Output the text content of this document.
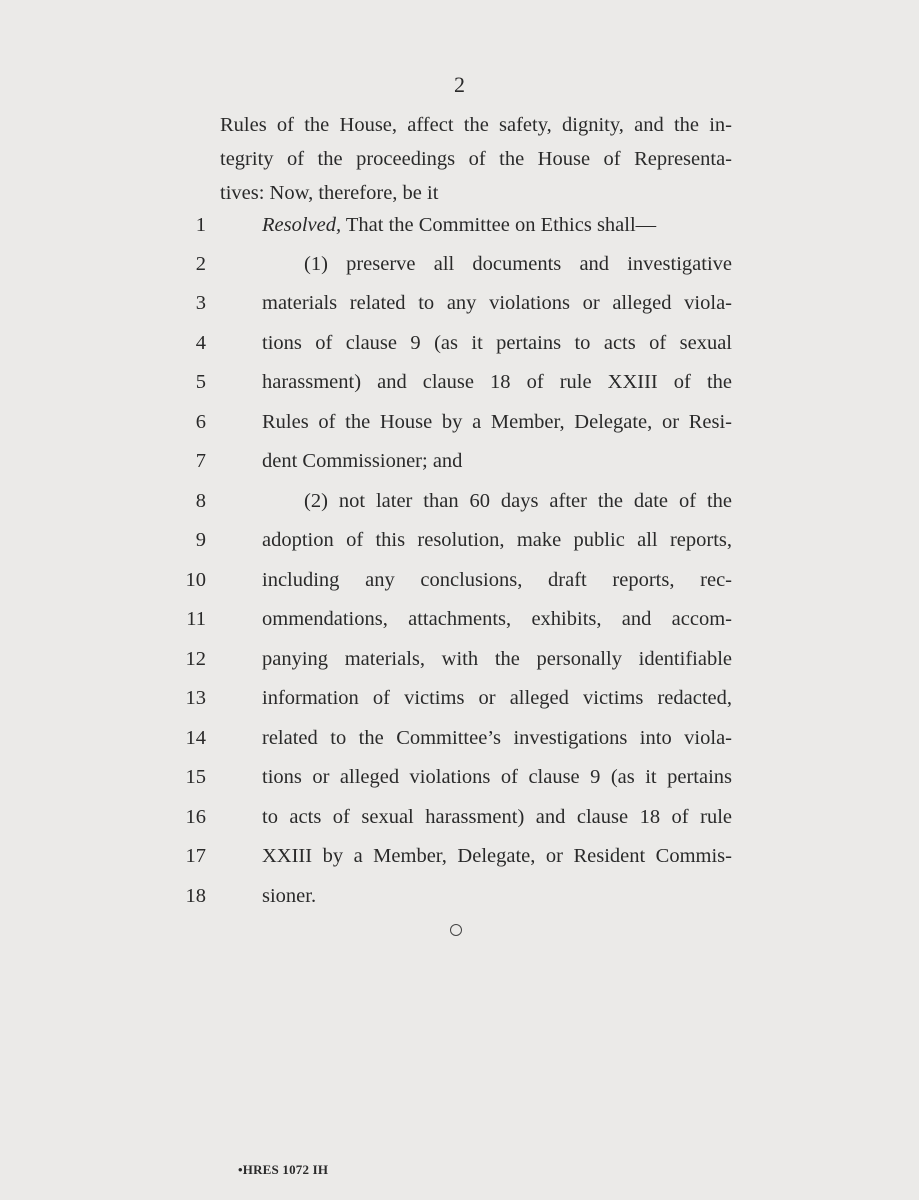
2
Rules of the House, affect the safety, dignity, and the in-
tegrity of the proceedings of the House of Representa-
tives: Now, therefore, be it
1	Resolved, That the Committee on Ethics shall—
2	(1) preserve all documents and investigative
3	materials related to any violations or alleged viola-
4	tions of clause 9 (as it pertains to acts of sexual
5	harassment) and clause 18 of rule XXIII of the
6	Rules of the House by a Member, Delegate, or Resi-
7	dent Commissioner; and
8	(2) not later than 60 days after the date of the
9	adoption of this resolution, make public all reports,
10	including any conclusions, draft reports, rec-
11	ommendations, attachments, exhibits, and accom-
12	panying materials, with the personally identifiable
13	information of victims or alleged victims redacted,
14	related to the Committee’s investigations into viola-
15	tions or alleged violations of clause 9 (as it pertains
16	to acts of sexual harassment) and clause 18 of rule
17	XXIII by a Member, Delegate, or Resident Commis-
18	sioner.
•HRES 1072 IH
